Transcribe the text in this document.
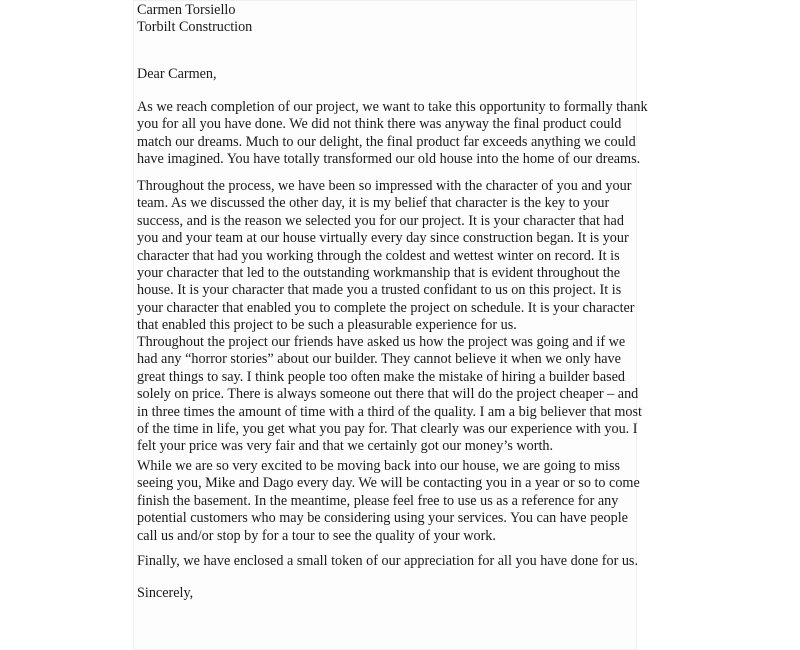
Carmen Torsiello
Torbilt Construction
Dear Carmen,
As we reach completion of our project, we want to take this opportunity to formally thank
you for all you have done. We did not think there was anyway the final product could
match our dreams. Much to our delight, the final product far exceeds anything we could
have imagined. You have totally transformed our old house into the home of our dreams.
Throughout the process, we have been so impressed with the character of you and your
team. As we discussed the other day, it is my belief that character is the key to your
success, and is the reason we selected you for our project. It is your character that had
you and your team at our house virtually every day since construction began. It is your
character that had you working through the coldest and wettest winter on record. It is
your character that led to the outstanding workmanship that is evident throughout the
house. It is your character that made you a trusted confidant to us on this project. It is
your character that enabled you to complete the project on schedule. It is your character
that enabled this project to be such a pleasurable experience for us.
Throughout the project our friends have asked us how the project was going and if we
had any “horror stories” about our builder. They cannot believe it when we only have
great things to say. I think people too often make the mistake of hiring a builder based
solely on price. There is always someone out there that will do the project cheaper – and
in three times the amount of time with a third of the quality. I am a big believer that most
of the time in life, you get what you pay for. That clearly was our experience with you. I
felt your price was very fair and that we certainly got our money’s worth.
While we are so very excited to be moving back into our house, we are going to miss
seeing you, Mike and Dago every day. We will be contacting you in a year or so to come
finish the basement. In the meantime, please feel free to use us as a reference for any
potential customers who may be considering using your services. You can have people
call us and/or stop by for a tour to see the quality of your work.
Finally, we have enclosed a small token of our appreciation for all you have done for us.
Sincerely,
